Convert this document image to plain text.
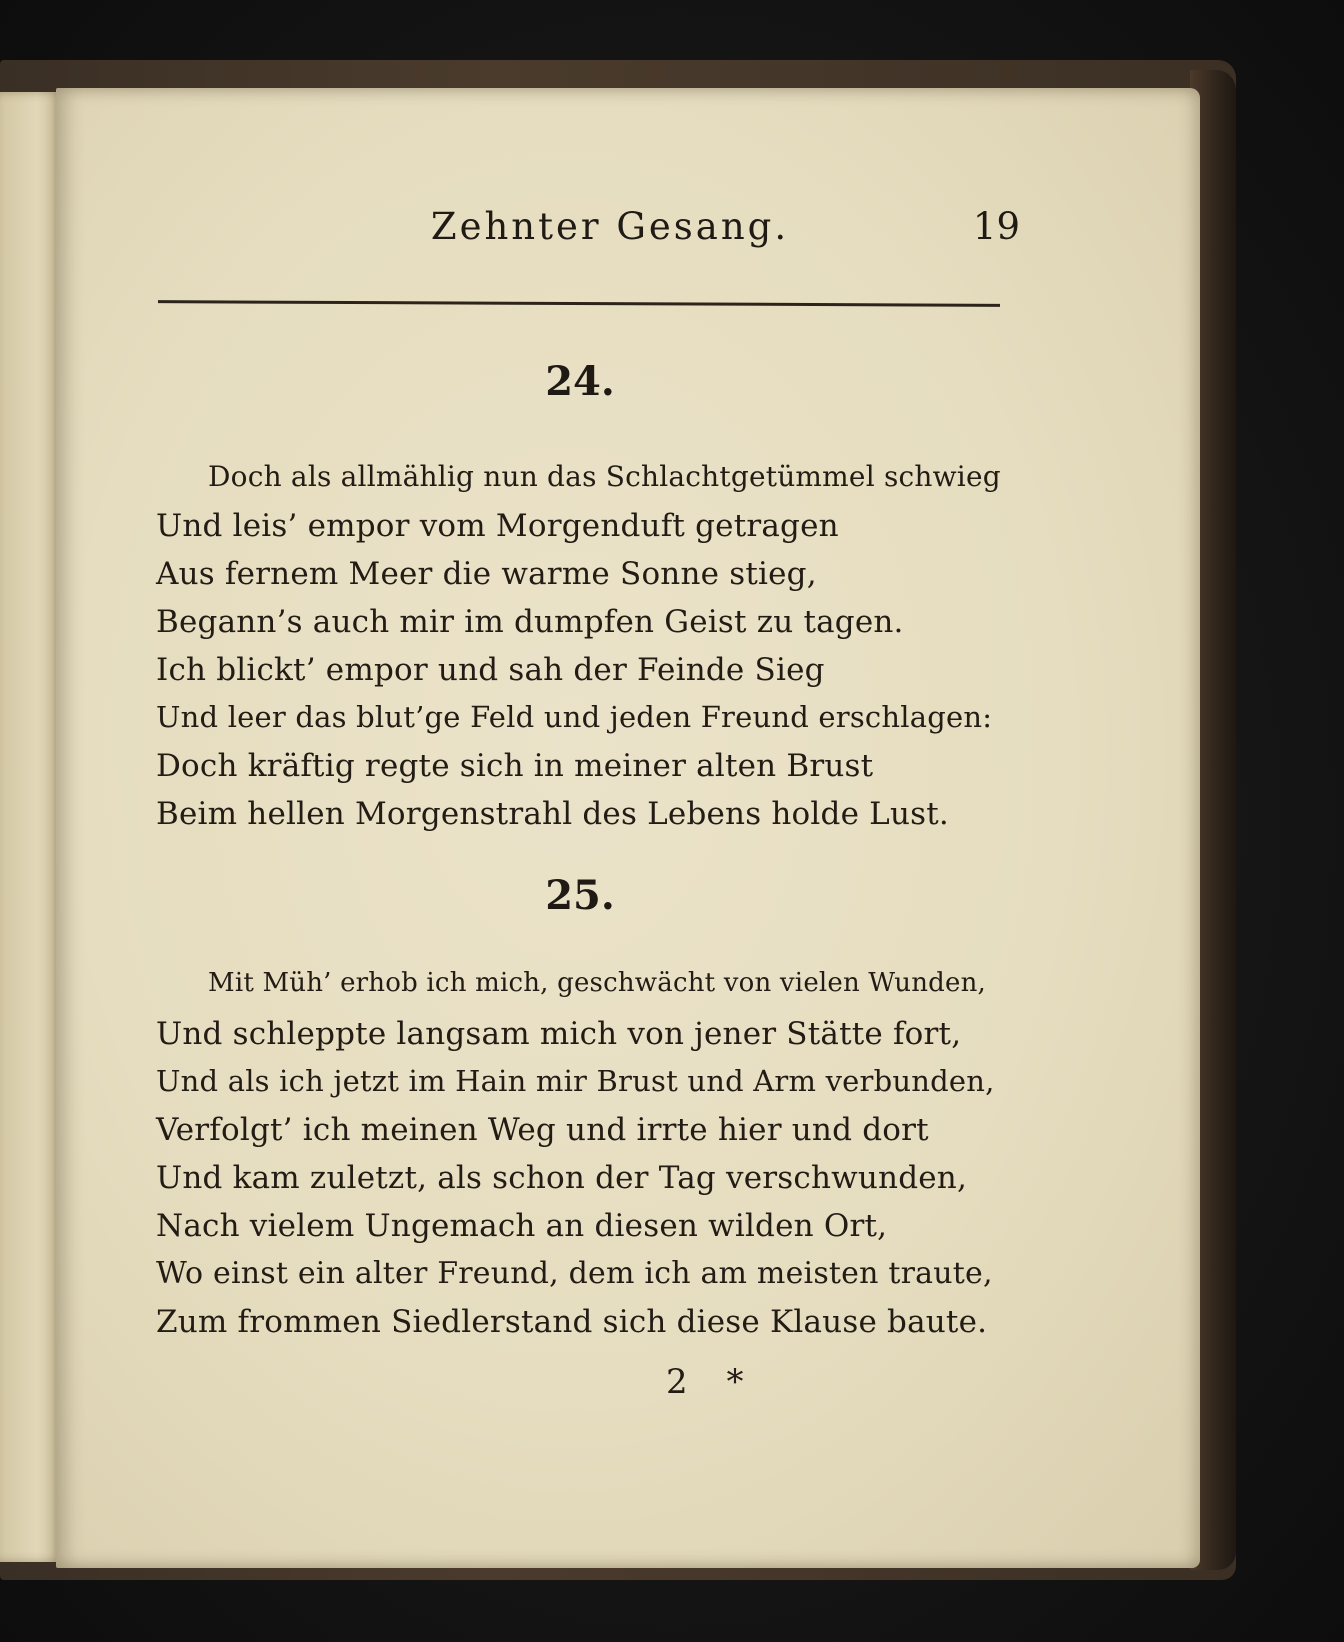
Zehnter Gesang.	19
24.
Doch als allmählig nun das Schlachtgetümmel schwieg
Und leis’ empor vom Morgenduft getragen
Aus fernem Meer die warme Sonne stieg,
Begann’s auch mir im dumpfen Geist zu tagen.
Ich blickt’ empor und sah der Feinde Sieg
Und leer das blut’ge Feld und jeden Freund erschlagen:
Doch kräftig regte sich in meiner alten Brust
Beim hellen Morgenstrahl des Lebens holde Lust.
25.
Mit Müh’ erhob ich mich, geschwächt von vielen Wunden,
Und schleppte langsam mich von jener Stätte fort,
Und als ich jetzt im Hain mir Brust und Arm verbunden,
Verfolgt’ ich meinen Weg und irrte hier und dort
Und kam zuletzt, als schon der Tag verschwunden,
Nach vielem Ungemach an diesen wilden Ort,
Wo einst ein alter Freund, dem ich am meisten traute,
Zum frommen Siedlerstand sich diese Klause baute.
2 *
